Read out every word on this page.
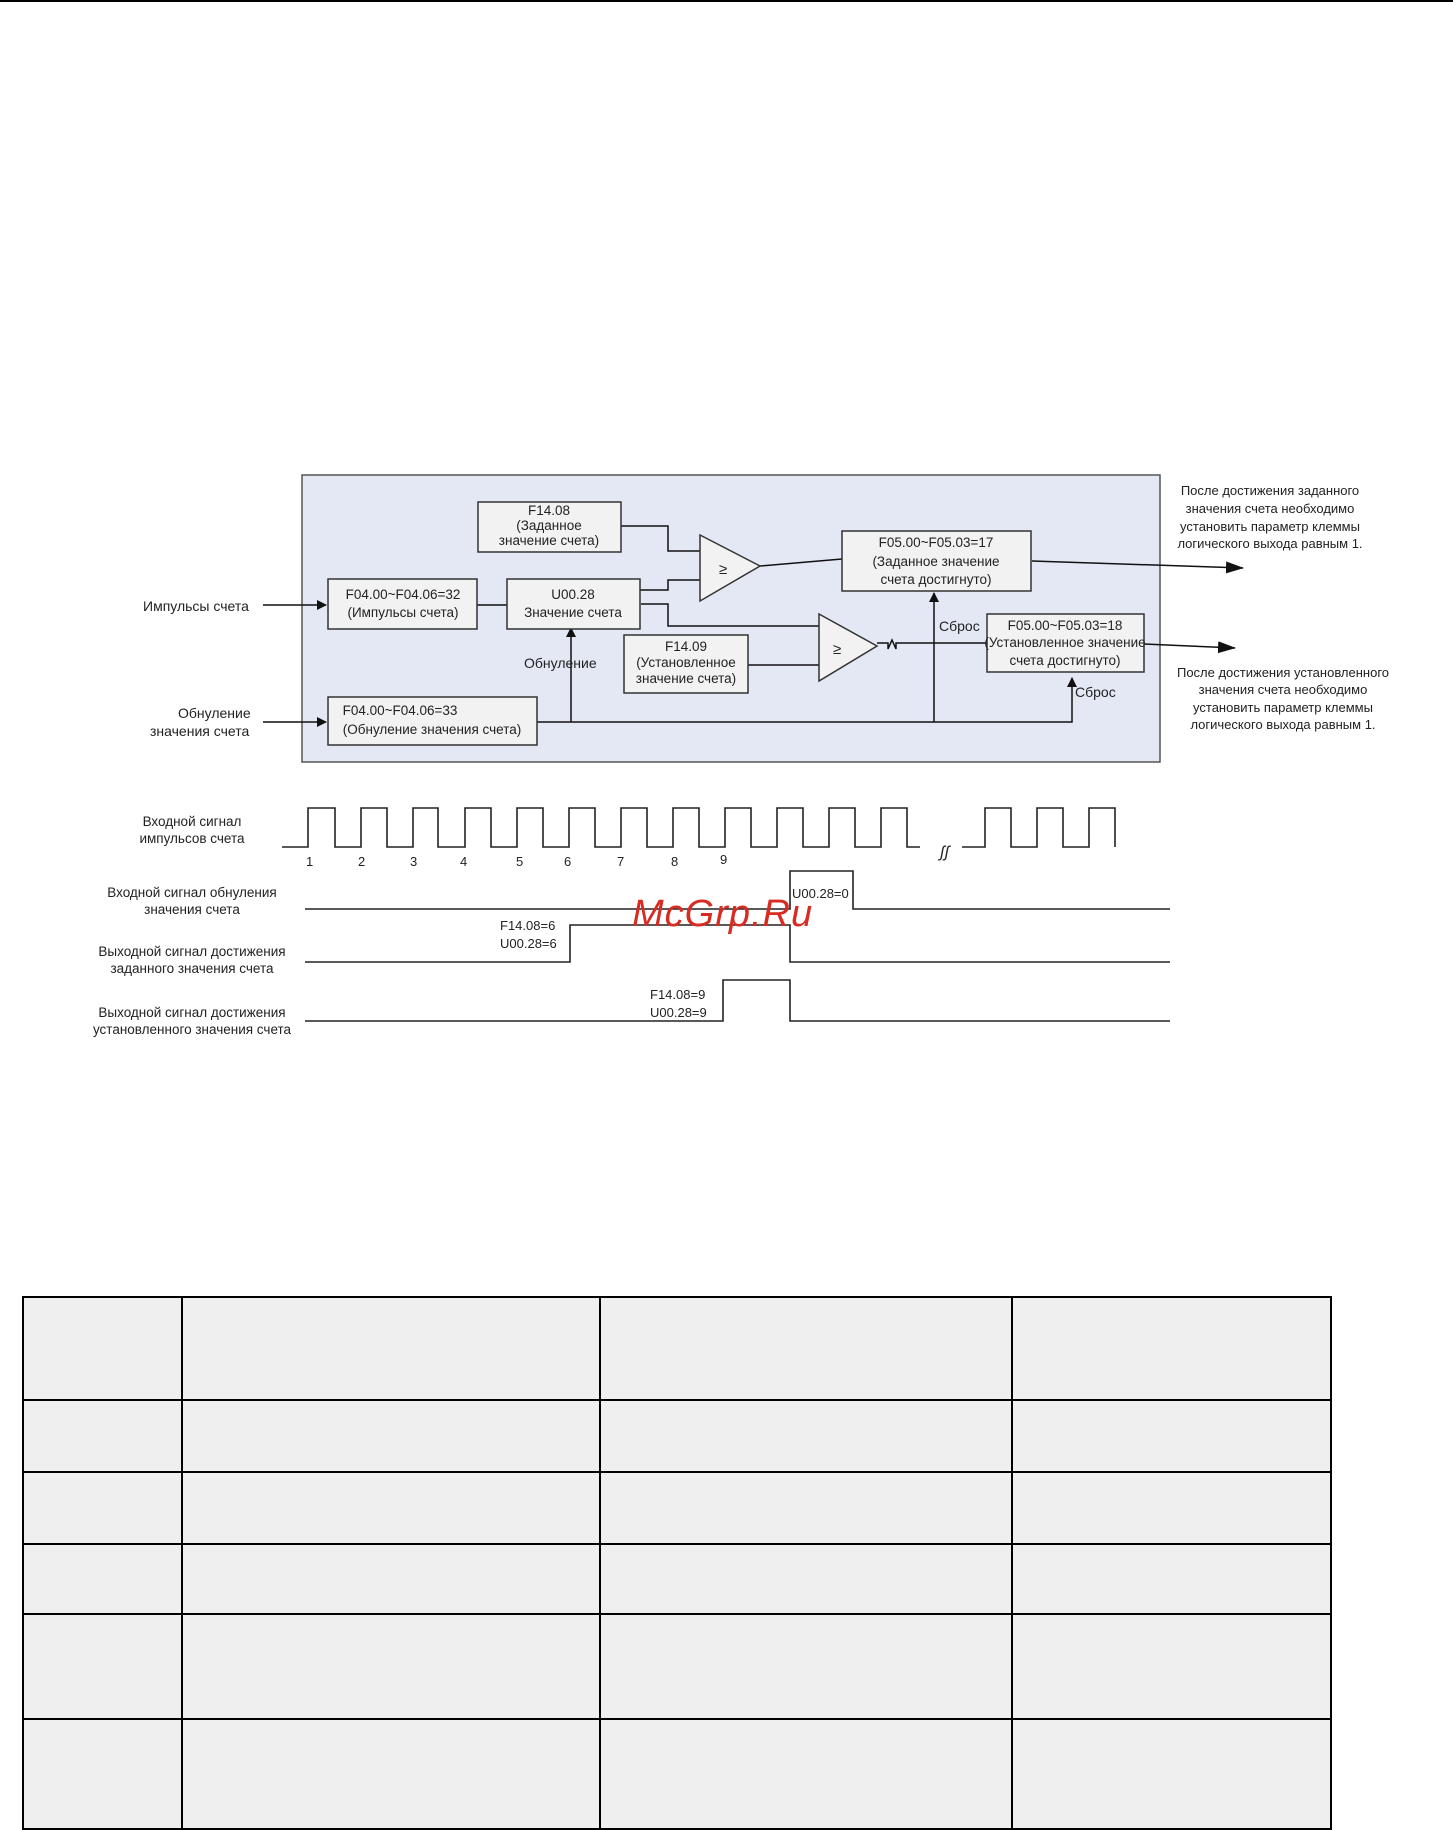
F14.08
(Заданное
значение счета)
F04.00~F04.06=32
(Импульсы счета)
U00.28
Значение счета
F14.09
(Установленное
значение счета)
F04.00~F04.06=33
(Обнуление значения счета)
F05.00~F05.03=17
(Заданное значение
счета достигнуто)
F05.00~F05.03=18
(Установленное значение
счета достигнуто)
≥
≥
Импульсы счета
Обнуление
значения счета
Обнуление
Сброс
Сброс
После достижения заданного
значения счета необходимо
установить параметр клеммы
логического выхода равным 1.
После достижения установленного
значения счета необходимо
установить параметр клеммы
логического выхода равным 1.
ʃʃ
1	2	3	4	5	6	7	8	9
U00.28=0
F14.08=6
U00.28=6
F14.08=9
U00.28=9
Входной сигнал
импульсов счета
Входной сигнал обнуления
значения счета
Выходной сигнал достижения
заданного значения счета
Выходной сигнал достижения
установленного значения счета
McGrp.Ru
